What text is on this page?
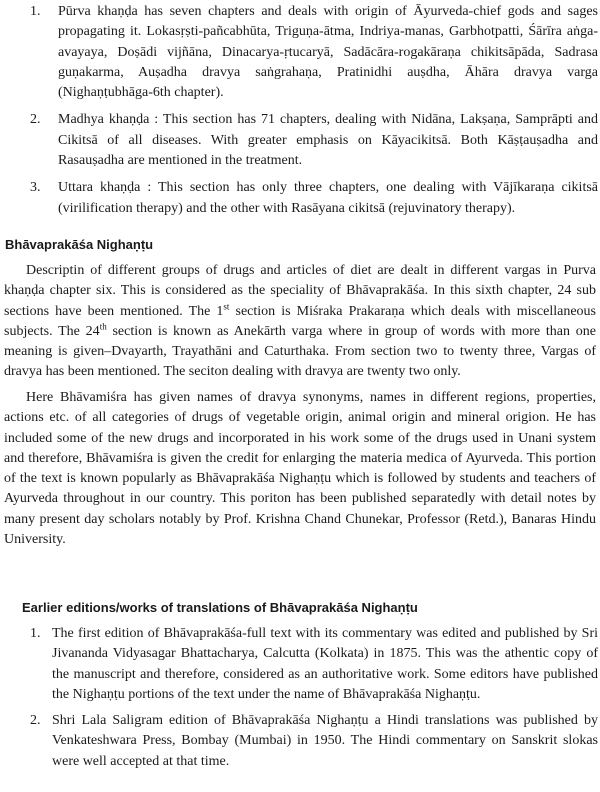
1.	Pūrva khaṇḍa has seven chapters and deals with origin of Āyurveda-chief gods and sages propagating it. Lokasṛṣti-pañcabhūta, Triguṇa-ātma, Indriya-manas, Garbhotpatti, Śārīra aṅga-avayaya, Doṣādi vijñāna, Dinacarya-ṛtucaryā, Sadācāra-rogakāraṇa chikitsāpāda, Sadrasa guṇakarma, Auṣadha dravya saṅgrahaṇa, Pratinidhi auṣdha, Āhāra dravya varga (Nighaṇṭubhāga-6th chapter).

2.	Madhya khaṇḍa : This section has 71 chapters, dealing with Nidāna, Lakṣaṇa, Samprāpti and Cikitsā of all diseases. With greater emphasis on Kāyacikitsā. Both Kāṣṭauṣadha and Rasauṣadha are mentioned in the treatment.

3.	Uttara khaṇḍa : This section has only three chapters, one dealing with Vājīkaraṇa cikitsā (virilification therapy) and the other with Rasāyana cikitsā (rejuvinatory therapy).

Bhāvaprakāśa Nighaṇṭu

Descriptin of different groups of drugs and articles of diet are dealt in different vargas in Purva khaṇḍa chapter six. This is considered as the speciality of Bhāvaprakāśa. In this sixth chapter, 24 sub sections have been mentioned. The 1st section is Miśraka Prakaraṇa which deals with miscellaneous subjects. The 24th section is known as Anekārth varga where in group of words with more than one meaning is given–Dvayarth, Trayathāni and Caturthaka. From section two to twenty three, Vargas of dravya has been mentioned. The seciton dealing with dravya are twenty two only.

Here Bhāvamiśra has given names of dravya synonyms, names in different regions, properties, actions etc. of all categories of drugs of vegetable origin, animal origin and mineral origion. He has included some of the new drugs and incorporated in his work some of the drugs used in Unani system and therefore, Bhāvamiśra is given the credit for enlarging the materia medica of Ayurveda. This portion of the text is known popularly as Bhāvaprakāśa Nighaṇṭu which is followed by students and teachers of Ayurveda throughout in our country. This poriton has been published separatedly with detail notes by many present day scholars notably by Prof. Krishna Chand Chunekar, Professor (Retd.), Banaras Hindu University.

Earlier editions/works of translations of Bhāvaprakāśa Nighaṇṭu
1. The first edition of Bhāvaprakāśa-full text with its commentary was edited and published by Sri Jivananda Vidyasagar Bhattacharya, Calcutta (Kolkata) in 1875. This was the athentic copy of the manuscript and therefore, considered as an authoritative work. Some editors have published the Nighaṇṭu portions of the text under the name of Bhāvaprakāśa Nighaṇṭu.

2. Shri Lala Saligram edition of Bhāvaprakāśa Nighaṇṭu a Hindi translations was published by Venkateshwara Press, Bombay (Mumbai) in 1950. The Hindi commentary on Sanskrit slokas were well accepted at that time.
